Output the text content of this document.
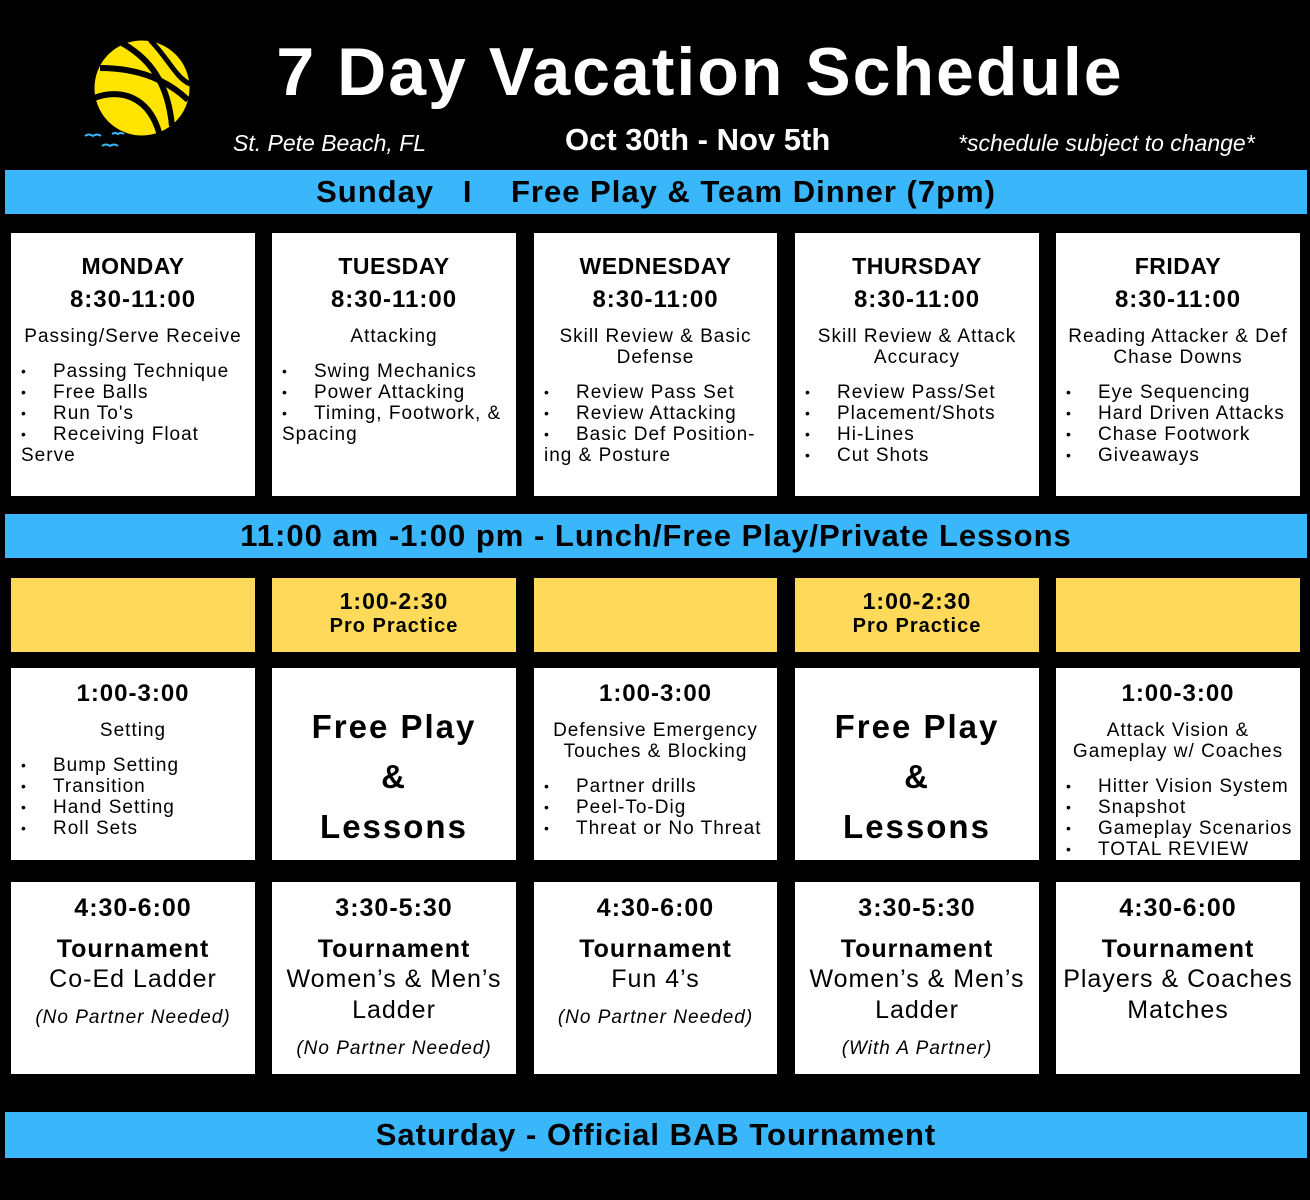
7 Day Vacation Schedule
St. Pete Beach, FL	Oct 30th - Nov 5th	*schedule subject to change*
Sunday   I    Free Play & Team Dinner (7pm)
MONDAY
8:30-11:00
Passing/Serve Receive
• Passing Technique
• Free Balls
• Run To's
• Receiving Float Serve
TUESDAY
8:30-11:00
Attacking
• Swing Mechanics
• Power Attacking
• Timing, Footwork, & Spacing
WEDNESDAY
8:30-11:00
Skill Review & Basic Defense
• Review Pass Set
• Review Attacking
• Basic Def Position-ing & Posture
THURSDAY
8:30-11:00
Skill Review & Attack Accuracy
• Review Pass/Set
• Placement/Shots
• Hi-Lines
• Cut Shots
FRIDAY
8:30-11:00
Reading Attacker & Def Chase Downs
• Eye Sequencing
• Hard Driven Attacks
• Chase Footwork
• Giveaways
11:00 am -1:00 pm - Lunch/Free Play/Private Lessons
1:00-2:30
Pro Practice
1:00-2:30
Pro Practice
1:00-3:00
Setting
• Bump Setting
• Transition
• Hand Setting
• Roll Sets
Free Play
&
Lessons
1:00-3:00
Defensive Emergency Touches & Blocking
• Partner drills
• Peel-To-Dig
• Threat or No Threat
Free Play
&
Lessons
1:00-3:00
Attack Vision & Gameplay w/ Coaches
• Hitter Vision System
• Snapshot
• Gameplay Scenarios
• TOTAL REVIEW
4:30-6:00
Tournament
Co-Ed Ladder
(No Partner Needed)
3:30-5:30
Tournament
Women’s & Men’s Ladder
(No Partner Needed)
4:30-6:00
Tournament
Fun 4’s
(No Partner Needed)
3:30-5:30
Tournament
Women’s & Men’s Ladder
(With A Partner)
4:30-6:00
Tournament
Players & Coaches Matches
Saturday - Official BAB Tournament
